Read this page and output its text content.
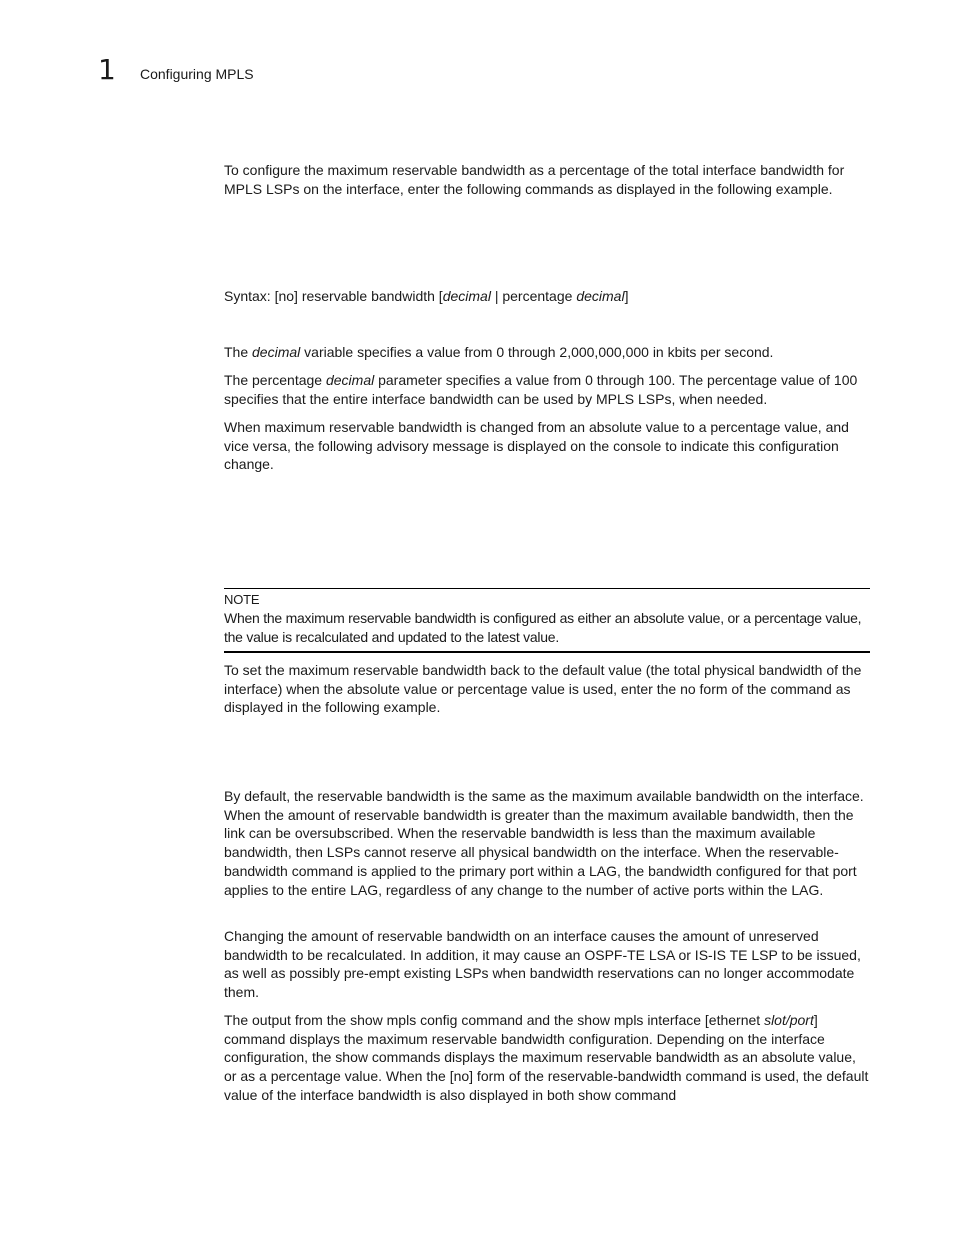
1 Configuring MPLS

To configure the maximum reservable bandwidth as a percentage of the total interface bandwidth for MPLS LSPs on the interface, enter the following commands as displayed in the following example.

Syntax: [no] reservable bandwidth [decimal | percentage decimal]

The decimal variable specifies a value from 0 through 2,000,000,000 in kbits per second.

The percentage decimal parameter specifies a value from 0 through 100. The percentage value of 100 specifies that the entire interface bandwidth can be used by MPLS LSPs, when needed.

When maximum reservable bandwidth is changed from an absolute value to a percentage value, and vice versa, the following advisory message is displayed on the console to indicate this configuration change.

NOTE
When the maximum reservable bandwidth is configured as either an absolute value, or a percentage value, the value is recalculated and updated to the latest value.

To set the maximum reservable bandwidth back to the default value (the total physical bandwidth of the interface) when the absolute value or percentage value is used, enter the no form of the command as displayed in the following example.

By default, the reservable bandwidth is the same as the maximum available bandwidth on the interface. When the amount of reservable bandwidth is greater than the maximum available bandwidth, then the link can be oversubscribed. When the reservable bandwidth is less than the maximum available bandwidth, then LSPs cannot reserve all physical bandwidth on the interface. When the reservable-bandwidth command is applied to the primary port within a LAG, the bandwidth configured for that port applies to the entire LAG, regardless of any change to the number of active ports within the LAG.

Changing the amount of reservable bandwidth on an interface causes the amount of unreserved bandwidth to be recalculated. In addition, it may cause an OSPF-TE LSA or IS-IS TE LSP to be issued, as well as possibly pre-empt existing LSPs when bandwidth reservations can no longer accommodate them.

The output from the show mpls config command and the show mpls interface [ethernet slot/port] command displays the maximum reservable bandwidth configuration. Depending on the interface configuration, the show commands displays the maximum reservable bandwidth as an absolute value, or as a percentage value. When the [no] form of the reservable-bandwidth command is used, the default value of the interface bandwidth is also displayed in both show command
